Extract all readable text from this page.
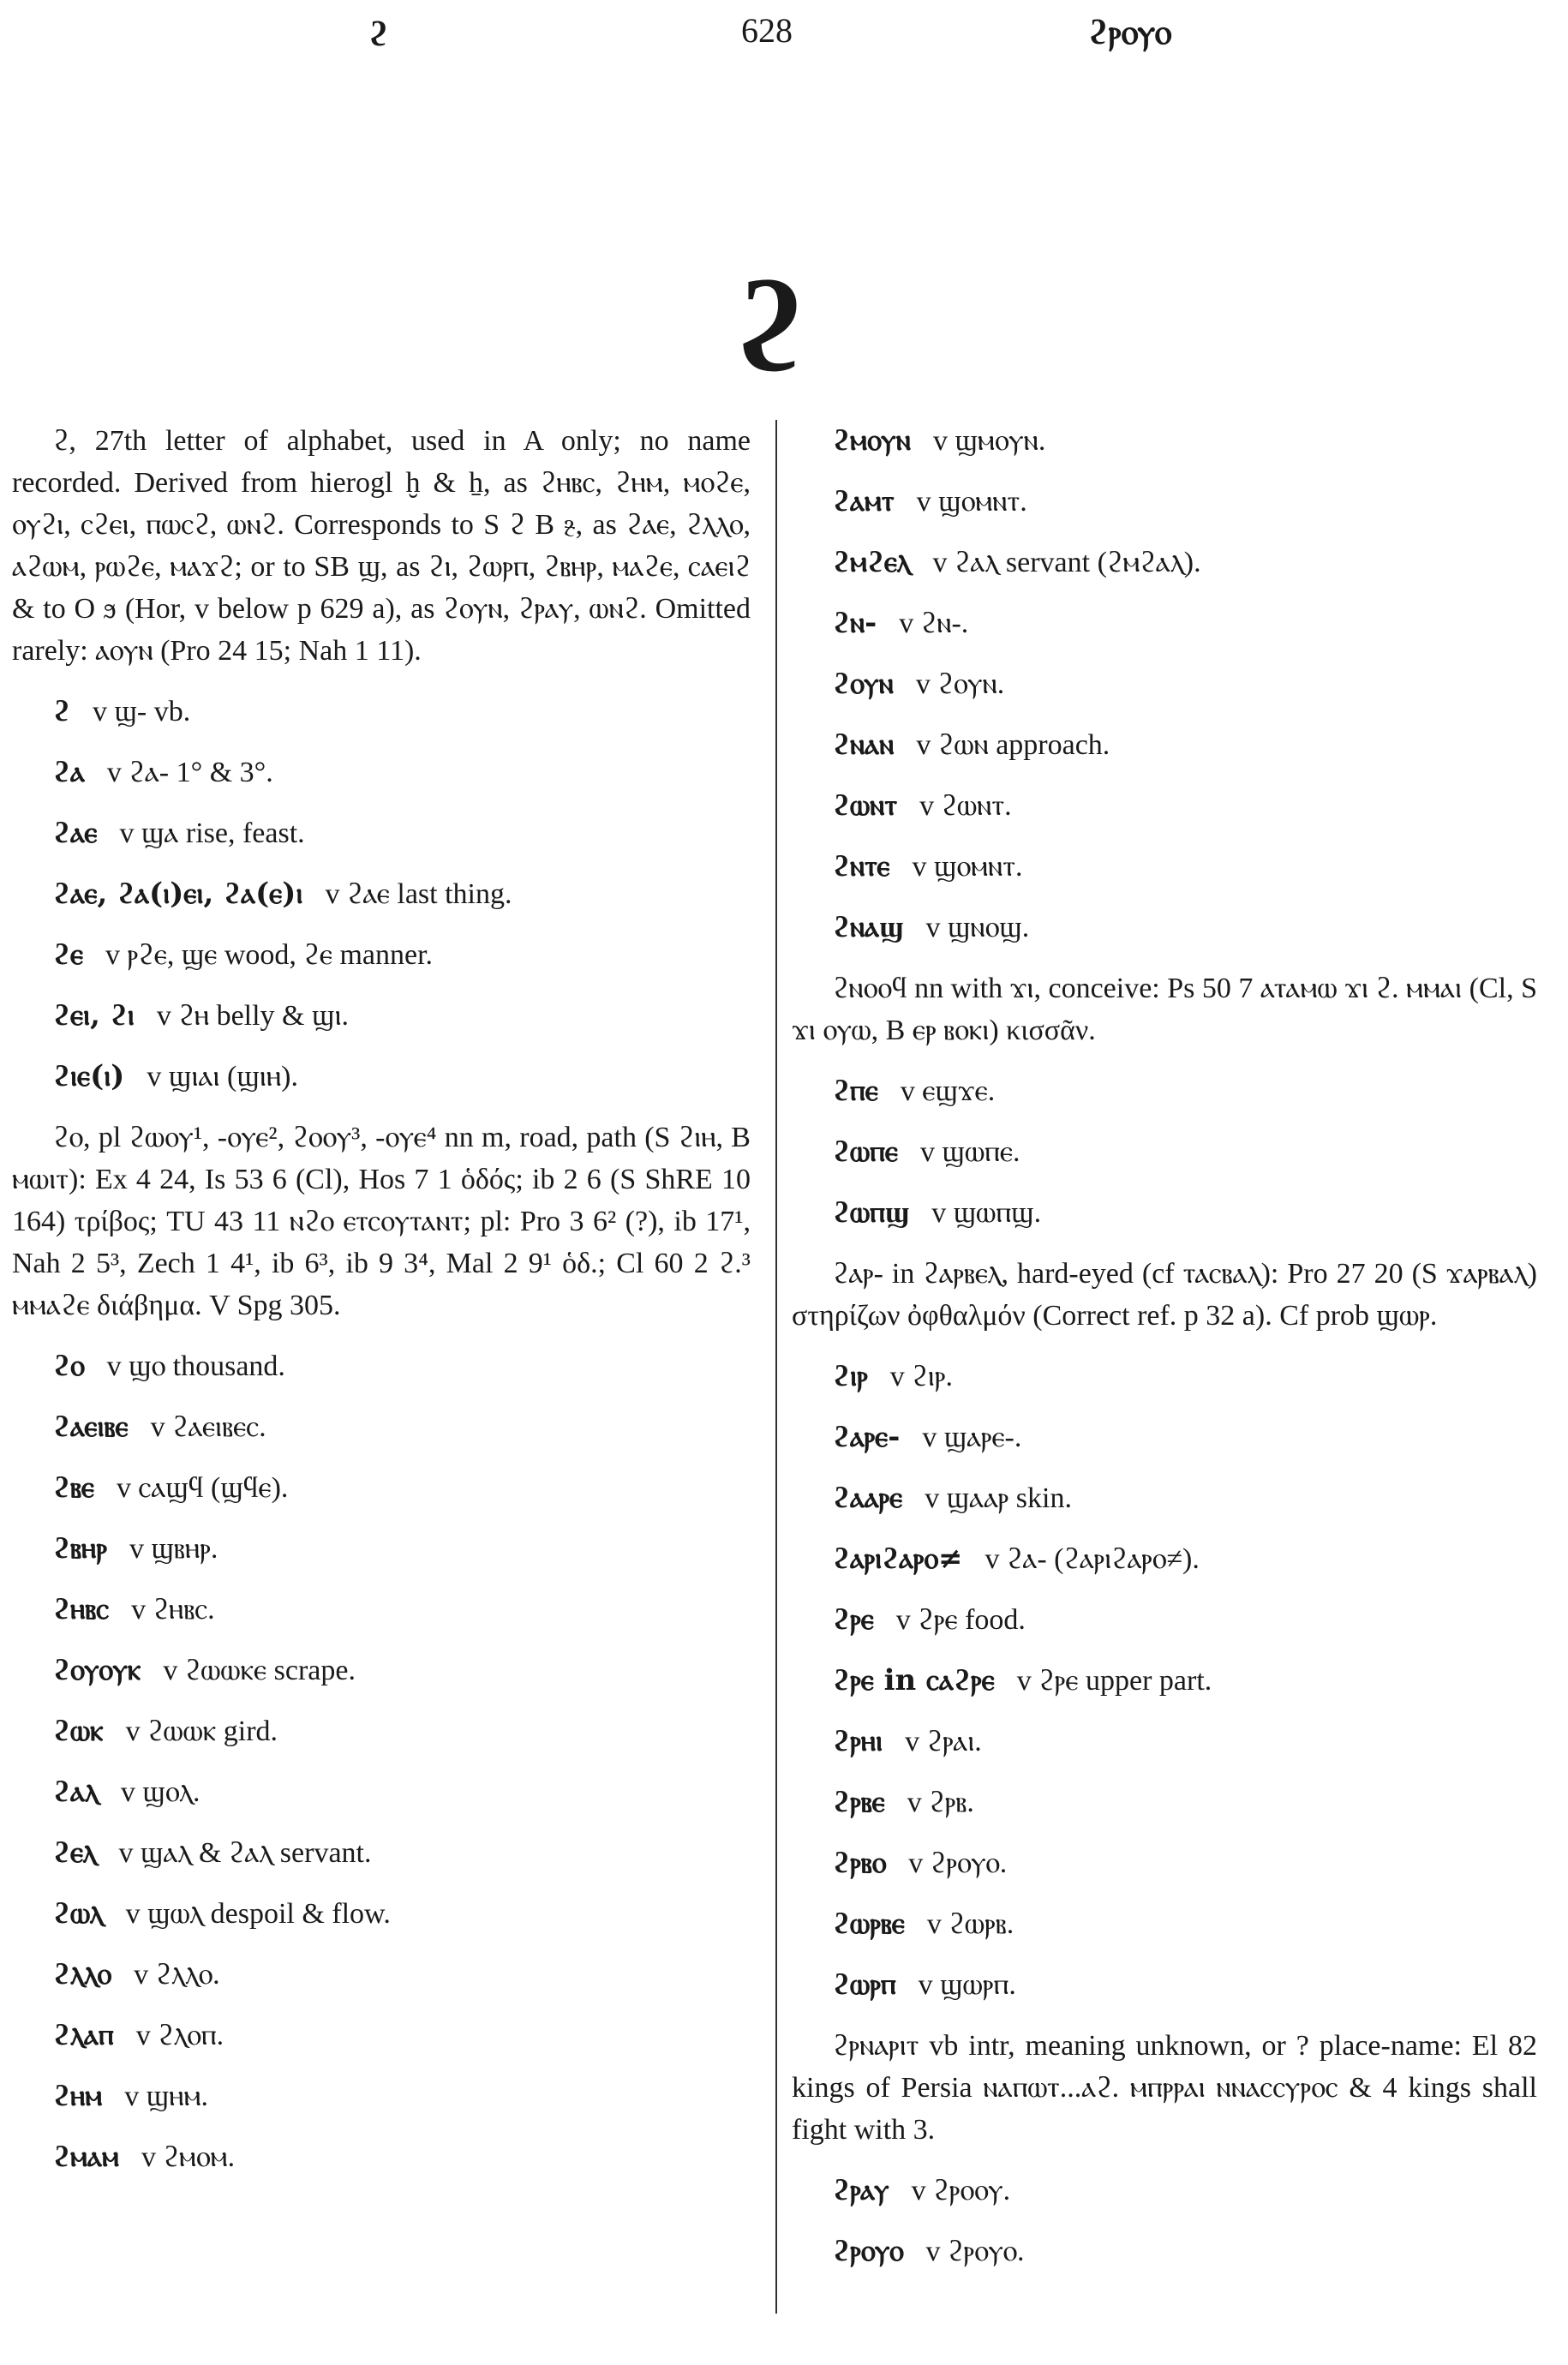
ϩ	628	ϩⲣⲟⲩⲟ
ϩ
ϩ, 27th letter of alphabet, used in A only; no name recorded. Derived from hierogl ḫ & ẖ, as ϩⲏⲃⲥ, ϩⲏⲙ, ⲙⲟϩⲉ, ⲟⲩϩⲓ, ⲥϩⲉⲓ, ⲡⲱⲥϩ, ⲱⲛϩ. Corresponds to S ϩ B ⳉ, as ϩⲁⲉ, ϩⲗⲗⲟ, ⲁϩⲱⲙ, ⲣⲱϩⲉ, ⲙⲁϫϩ; or to SB ϣ, as ϩⲓ, ϩⲱⲣⲡ, ϩⲃⲏⲣ, ⲙⲁϩⲉ, ⲥⲁⲉⲓϩ & to O ϧ (Hor, v below p 629 a), as ϩⲟⲩⲛ, ϩⲣⲁⲩ, ⲱⲛϩ. Omitted rarely: ⲁⲟⲩⲛ (Pro 24 15; Nah 1 11).
ϩ v ϣ- vb.
ϩⲁ v ϩⲁ- 1° & 3°.
ϩⲁⲉ v ϣⲁ rise, feast.
ϩⲁⲉ, ϩⲁ(ⲓ)ⲉⲓ, ϩⲁ(ⲉ)ⲓ v ϩⲁⲉ last thing.
ϩⲉ v ⲣϩⲉ, ϣⲉ wood, ϩⲉ manner.
ϩⲉⲓ, ϩⲓ v ϩⲏ belly & ϣⲓ.
ϩⲓⲉ(ⲓ) v ϣⲓⲁⲓ (ϣⲓⲏ).
ϩⲟ, pl ϩⲱⲟⲩ¹, -ⲟⲩⲉ², ϩⲟⲟⲩ³, -ⲟⲩⲉ⁴ nn m, road, path (S ϩⲓⲏ, B ⲙⲱⲓⲧ): Ex 4 24, Is 53 6 (Cl), Hos 7 1 ὁδός; ib 2 6 (S ShRE 10 164) τρίβος; TU 43 11 ⲛϩⲟ ⲉⲧⲥⲟⲩⲧⲁⲛⲧ; pl: Pro 3 6² (?), ib 17¹, Nah 2 5³, Zech 1 4¹, ib 6³, ib 9 3⁴, Mal 2 9¹ ὁδ.; Cl 60 2 ϩ.³ ⲙⲙⲁϩⲉ διάβημα. V Spg 305.
ϩⲟ v ϣⲟ thousand.
ϩⲁⲉⲓⲃⲉ v ϩⲁⲉⲓⲃⲉⲥ.
ϩⲃⲉ v ⲥⲁϣϥ (ϣϥⲉ).
ϩⲃⲏⲣ v ϣⲃⲏⲣ.
ϩⲏⲃⲥ v ϩⲏⲃⲥ.
ϩⲟⲩⲟⲩⲕ v ϩⲱⲱⲕⲉ scrape.
ϩⲱⲕ v ϩⲱⲱⲕ gird.
ϩⲁⲗ v ϣⲟⲗ.
ϩⲉⲗ v ϣⲁⲗ & ϩⲁⲗ servant.
ϩⲱⲗ v ϣⲱⲗ despoil & flow.
ϩⲗⲗⲟ v ϩⲗⲗⲟ.
ϩⲗⲁⲡ v ϩⲗⲟⲡ.
ϩⲏⲙ v ϣⲏⲙ.
ϩⲙⲁⲙ v ϩⲙⲟⲙ.
ϩⲙⲟⲩⲛ v ϣⲙⲟⲩⲛ.
ϩⲁⲙⲧ v ϣⲟⲙⲛⲧ.
ϩⲙϩⲉⲗ v ϩⲁⲗ servant (ϩⲙϩⲁⲗ).
ϩⲛ- v ϩⲛ-.
ϩⲟⲩⲛ v ϩⲟⲩⲛ.
ϩⲛⲁⲛ v ϩⲱⲛ approach.
ϩⲱⲛⲧ v ϩⲱⲛⲧ.
ϩⲛⲧⲉ v ϣⲟⲙⲛⲧ.
ϩⲛⲁϣ v ϣⲛⲟϣ.
ϩⲛⲟⲟϥ nn with ϫⲓ, conceive: Ps 50 7 ⲁⲧⲁⲙⲱ ϫⲓ ϩ. ⲙⲙⲁⲓ (Cl, S ϫⲓ ⲟⲩⲱ, B ⲉⲣ ⲃⲟⲕⲓ) κισσᾶν.
ϩⲡⲉ v ⲉϣϫⲉ.
ϩⲱⲡⲉ v ϣⲱⲡⲉ.
ϩⲱⲡϣ v ϣⲱⲡϣ.
ϩⲁⲣ- in ϩⲁⲣⲃⲉⲗ, hard-eyed (cf ⲧⲁⲥⲃⲁⲗ): Pro 27 20 (S ϫⲁⲣⲃⲁⲗ) στηρίζων ὀφθαλμόν (Correct ref. p 32 a). Cf prob ϣⲱⲣ.
ϩⲓⲣ v ϩⲓⲣ.
ϩⲁⲣⲉ- v ϣⲁⲣⲉ-.
ϩⲁⲁⲣⲉ v ϣⲁⲁⲣ skin.
ϩⲁⲣⲓϩⲁⲣⲟ≠ v ϩⲁ- (ϩⲁⲣⲓϩⲁⲣⲟ≠).
ϩⲣⲉ v ϩⲣⲉ food.
ϩⲣⲉ in ⲥⲁϩⲣⲉ v ϩⲣⲉ upper part.
ϩⲣⲏⲓ v ϩⲣⲁⲓ.
ϩⲣⲃⲉ v ϩⲣⲃ.
ϩⲣⲃⲟ v ϩⲣⲟⲩⲟ.
ϩⲱⲣⲃⲉ v ϩⲱⲣⲃ.
ϩⲱⲣⲡ v ϣⲱⲣⲡ.
ϩⲣⲛⲁⲣⲓⲧ vb intr, meaning unknown, or ? place-name: El 82 kings of Persia ⲛⲁⲡⲱⲧ...ⲁϩ. ⲙⲡⲣⲣⲁⲓ ⲛⲛⲁⲥⲥⲩⲣⲟⲥ & 4 kings shall fight with 3.
ϩⲣⲁⲩ v ϩⲣⲟⲟⲩ.
ϩⲣⲟⲩⲟ v ϩⲣⲟⲩⲟ.
